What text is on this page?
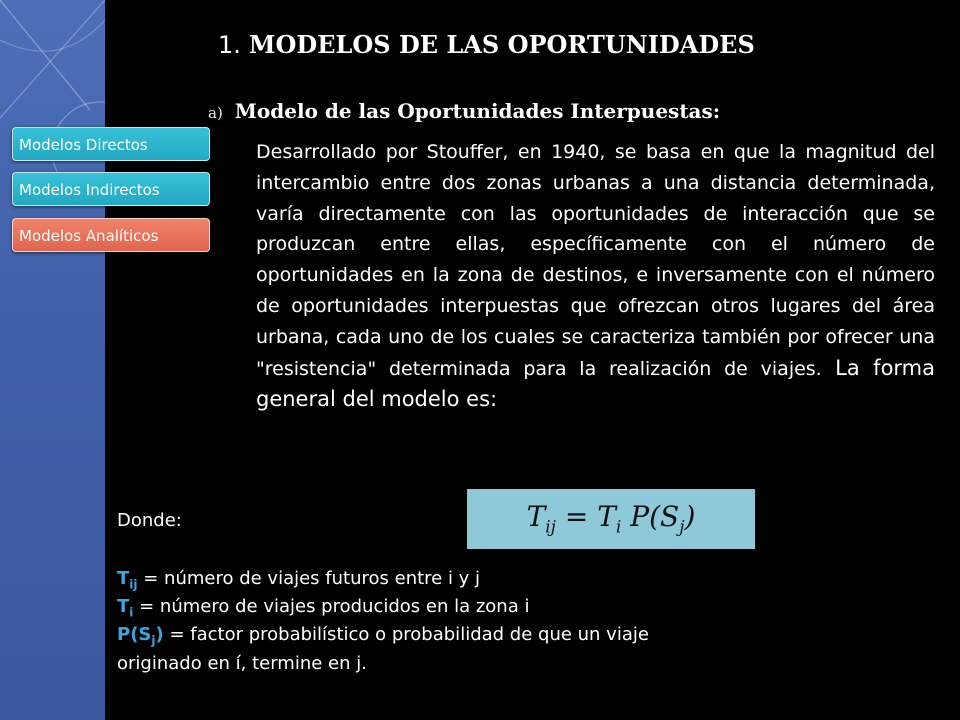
Modelos Directos
Modelos Indirectos
Modelos Analíticos
1. MODELOS DE LAS OPORTUNIDADES
a) Modelo de las Oportunidades Interpuestas:

Desarrollado por Stouffer, en 1940, se basa en que la magnitud del intercambio entre dos zonas urbanas a una distancia determinada, varía directamente con las oportunidades de interacción que se produzcan entre ellas, específicamente con el número de oportunidades en la zona de destinos, e inversamente con el número de oportunidades interpuestas que ofrezcan otros lugares del área urbana, cada uno de los cuales se caracteriza también por ofrecer una "resistencia" determinada para la realización de viajes. La forma general del modelo es:

$T_{ij} = T_i$ $P(S_j)$
Donde:
$T_{ij}$ = número de viajes futuros entre i y j
$T_i$ = número de viajes producidos en la zona i
$P(S_j)$ = factor probabilístico o probabilidad de que un viaje
originado en í, termine en j.
